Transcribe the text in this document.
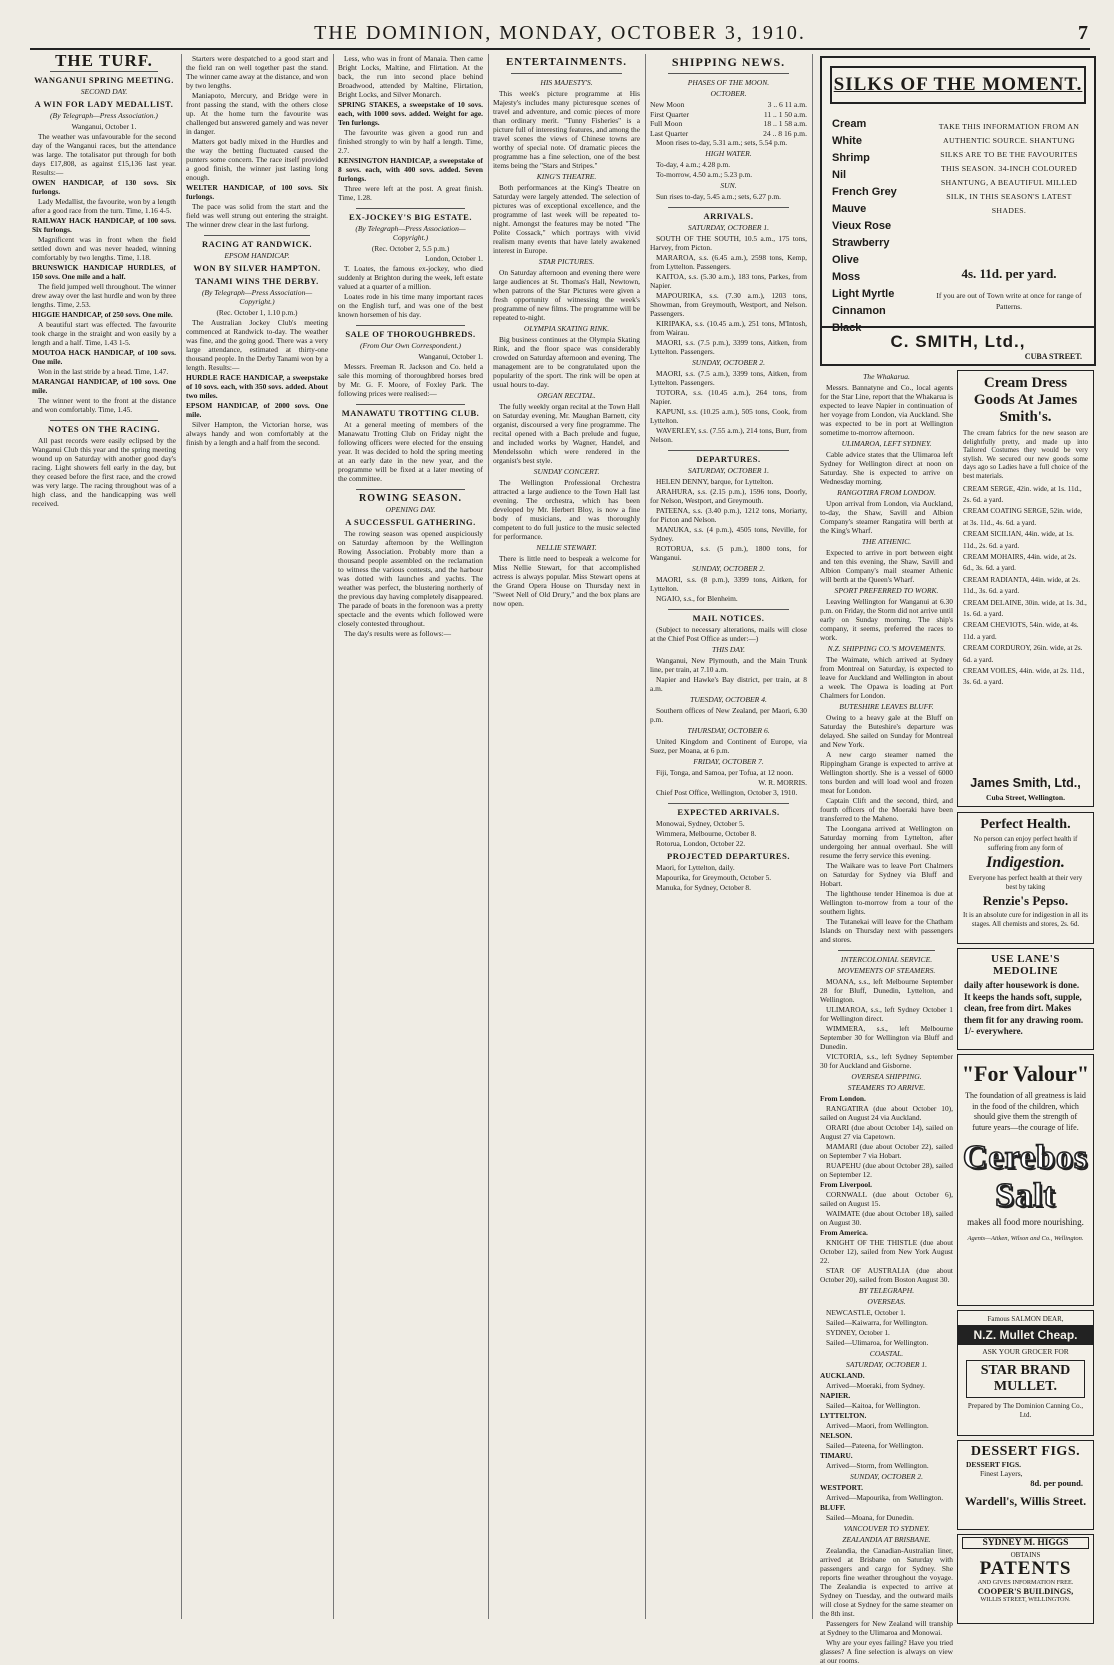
THE DOMINION, MONDAY, OCTOBER 3, 1910.	7
THE TURF.
WANGANUI SPRING MEETING.
SECOND DAY.
A WIN FOR LADY MEDALLIST.
(By Telegraph—Press Association.)

Wanganui, October 1.

The weather was unfavourable for the second day of the Wanganui races, but the attendance was large. The totalisator put through for both days £17,808, as against £15,136 last year. Results:—

OWEN HANDICAP, of 130 sovs. Six furlongs.

Lady Medallist, the favourite, won by a length after a good race from the turn. Time, 1.16 4-5.

RAILWAY HACK HANDICAP, of 100 sovs. Six furlongs.

Magnificent was in front when the field settled down and was never headed, winning comfortably by two lengths. Time, 1.18.

BRUNSWICK HANDICAP HURDLES, of 150 sovs. One mile and a half.

The field jumped well throughout. The winner drew away over the last hurdle and won by three lengths. Time, 2.53.

HIGGIE HANDICAP, of 250 sovs. One mile.

A beautiful start was effected. The favourite took charge in the straight and won easily by a length and a half. Time, 1.43 1-5.

MOUTOA HACK HANDICAP, of 100 sovs. One mile.

Won in the last stride by a head. Time, 1.47.

MARANGAI HANDICAP, of 100 sovs. One mile.

The winner went to the front at the distance and won comfortably. Time, 1.45.

NOTES ON THE RACING.

All past records were easily eclipsed by the Wanganui Club this year and the spring meeting wound up on Saturday with another good day's racing. Light showers fell early in the day, but they ceased before the first race, and the crowd was very large. The racing throughout was of a high class, and the handicapping was well received.

Starters were despatched to a good start and the field ran on well together past the stand. The winner came away at the distance, and won by two lengths.

Maniapoto, Mercury, and Bridge were in front passing the stand, with the others close up. At the home turn the favourite was challenged but answered gamely and was never in danger.

Matters got badly mixed in the Hurdles and the way the betting fluctuated caused the punters some concern. The race itself provided a good finish, the winner just lasting long enough.

WELTER HANDICAP, of 100 sovs. Six furlongs.

The pace was solid from the start and the field was well strung out entering the straight. The winner drew clear in the last furlong.

RACING AT RANDWICK.
EPSOM HANDICAP.
WON BY SILVER HAMPTON.
TANAMI WINS THE DERBY.
(By Telegraph—Press Association—Copyright.)

(Rec. October 1, 1.10 p.m.)

The Australian Jockey Club's meeting commenced at Randwick to-day. The weather was fine, and the going good. There was a very large attendance, estimated at thirty-one thousand people. In the Derby Tanami won by a length. Results:—

HURDLE RACE HANDICAP, a sweepstake of 10 sovs. each, with 350 sovs. added. About two miles.

EPSOM HANDICAP, of 2000 sovs. One mile.

Silver Hampton, the Victorian horse, was always handy and won comfortably at the finish by a length and a half from the second.

Less, who was in front of Manaia. Then came Bright Locks, Maltine, and Flirtation. At the back, the run into second place behind Broadwood, attended by Maltine, Flirtation, Bright Locks, and Silver Monarch.

SPRING STAKES, a sweepstake of 10 sovs. each, with 1000 sovs. added. Weight for age. Ten furlongs.

The favourite was given a good run and finished strongly to win by half a length. Time, 2.7.

KENSINGTON HANDICAP, a sweepstake of 8 sovs. each, with 400 sovs. added. Seven furlongs.

Three were left at the post. A great finish. Time, 1.28.

EX-JOCKEY'S BIG ESTATE.
(By Telegraph—Press Association—Copyright.)

(Rec. October 2, 5.5 p.m.)

London, October 1.

T. Loates, the famous ex-jockey, who died suddenly at Brighton during the week, left estate valued at a quarter of a million.

Loates rode in his time many important races on the English turf, and was one of the best known horsemen of his day.

SALE OF THOROUGHBREDS.
(From Our Own Correspondent.)

Wanganui, October 1.

Messrs. Freeman R. Jackson and Co. held a sale this morning of thoroughbred horses bred by Mr. G. F. Moore, of Foxley Park. The following prices were realised:—

MANAWATU TROTTING CLUB.

At a general meeting of members of the Manawatu Trotting Club on Friday night the following officers were elected for the ensuing year. It was decided to hold the spring meeting at an early date in the new year, and the programme will be fixed at a later meeting of the committee.

ROWING SEASON.
OPENING DAY.
A SUCCESSFUL GATHERING.

The rowing season was opened auspiciously on Saturday afternoon by the Wellington Rowing Association. Probably more than a thousand people assembled on the reclamation to witness the various contests, and the harbour was dotted with launches and yachts. The weather was perfect, the blustering northerly of the previous day having completely disappeared. The parade of boats in the forenoon was a pretty spectacle and the events which followed were closely contested throughout.

The day's results were as follows:—

ENTERTAINMENTS.
HIS MAJESTY'S.

This week's picture programme at His Majesty's includes many picturesque scenes of travel and adventure, and comic pieces of more than ordinary merit. "Tunny Fisheries" is a picture full of interesting features, and among the travel scenes the views of Chinese towns are worthy of special note. Of dramatic pieces the programme has a fine selection, one of the best items being the "Stars and Stripes."

KING'S THEATRE.

Both performances at the King's Theatre on Saturday were largely attended. The selection of pictures was of exceptional excellence, and the programme of last week will be repeated to-night. Amongst the features may be noted "The Polite Cossack," which portrays with vivid realism many events that have lately awakened interest in Europe.

STAR PICTURES.

On Saturday afternoon and evening there were large audiences at St. Thomas's Hall, Newtown, when patrons of the Star Pictures were given a fresh opportunity of witnessing the week's programme of new films. The programme will be repeated to-night.

OLYMPIA SKATING RINK.

Big business continues at the Olympia Skating Rink, and the floor space was considerably crowded on Saturday afternoon and evening. The management are to be congratulated upon the popularity of the sport. The rink will be open at usual hours to-day.

ORGAN RECITAL.

The fully weekly organ recital at the Town Hall on Saturday evening, Mr. Maughan Barnett, city organist, discoursed a very fine programme. The recital opened with a Bach prelude and fugue, and included works by Wagner, Handel, and Mendelssohn which were rendered in the organist's best style.

SUNDAY CONCERT.

The Wellington Professional Orchestra attracted a large audience to the Town Hall last evening. The orchestra, which has been developed by Mr. Herbert Bloy, is now a fine body of musicians, and was thoroughly competent to do full justice to the music selected for performance.

NELLIE STEWART.

There is little need to bespeak a welcome for Miss Nellie Stewart, for that accomplished actress is always popular. Miss Stewart opens at the Grand Opera House on Thursday next in "Sweet Nell of Old Drury," and the box plans are now open.

SHIPPING NEWS.
PHASES OF THE MOON.
OCTOBER.
New Moon	3 .. 6 11 a.m.
First Quarter	11 .. 1 50 a.m.
Full Moon	18 .. 1 58 a.m.
Last Quarter	24 .. 8 16 p.m.

Moon rises to-day, 5.31 a.m.; sets, 5.54 p.m.

HIGH WATER.

To-day, 4 a.m.; 4.28 p.m.

To-morrow, 4.50 a.m.; 5.23 p.m.

SUN.

Sun rises to-day, 5.45 a.m.; sets, 6.27 p.m.

ARRIVALS.
SATURDAY, OCTOBER 1.

SOUTH OF THE SOUTH, 10.5 a.m., 175 tons, Harvey, from Picton.

MARAROA, s.s. (6.45 a.m.), 2598 tons, Kemp, from Lyttelton. Passengers.

KAITOA, s.s. (5.30 a.m.), 183 tons, Parkes, from Napier.

MAPOURIKA, s.s. (7.30 a.m.), 1203 tons, Showman, from Greymouth, Westport, and Nelson. Passengers.

KIRIPAKA, s.s. (10.45 a.m.), 251 tons, M'Intosh, from Wairau.

MAORI, s.s. (7.5 p.m.), 3399 tons, Aitken, from Lyttelton. Passengers.

SUNDAY, OCTOBER 2.

MAORI, s.s. (7.5 a.m.), 3399 tons, Aitken, from Lyttelton. Passengers.

TOTORA, s.s. (10.45 a.m.), 264 tons, from Napier.

KAPUNI, s.s. (10.25 a.m.), 505 tons, Cook, from Lyttelton.

WAVERLEY, s.s. (7.55 a.m.), 214 tons, Burr, from Nelson.

DEPARTURES.
SATURDAY, OCTOBER 1.

HELEN DENNY, barque, for Lyttelton.

ARAHURA, s.s. (2.15 p.m.), 1596 tons, Doorly, for Nelson, Westport, and Greymouth.

PATEENA, s.s. (3.40 p.m.), 1212 tons, Moriarty, for Picton and Nelson.

MANUKA, s.s. (4 p.m.), 4505 tons, Neville, for Sydney.

ROTORUA, s.s. (5 p.m.), 1800 tons, for Wanganui.

SUNDAY, OCTOBER 2.

MAORI, s.s. (8 p.m.), 3399 tons, Aitken, for Lyttelton.

NGAIO, s.s., for Blenheim.

MAIL NOTICES.

(Subject to necessary alterations, mails will close at the Chief Post Office as under:—)

THIS DAY.

Wanganui, New Plymouth, and the Main Trunk line, per train, at 7.10 a.m.

Napier and Hawke's Bay district, per train, at 8 a.m.

TUESDAY, OCTOBER 4.

Southern offices of New Zealand, per Maori, 6.30 p.m.

THURSDAY, OCTOBER 6.

United Kingdom and Continent of Europe, via Suez, per Moana, at 6 p.m.

FRIDAY, OCTOBER 7.

Fiji, Tonga, and Samoa, per Tofua, at 12 noon.

W. R. MORRIS.

Chief Post Office, Wellington, October 3, 1910.

EXPECTED ARRIVALS.

Monowai, Sydney, October 5.

Wimmera, Melbourne, October 8.

Rotorua, London, October 22.

PROJECTED DEPARTURES.

Maori, for Lyttelton, daily.

Mapourika, for Greymouth, October 5.

Manuka, for Sydney, October 8.

SILKS OF THE MOMENT.
Cream
White
Shrimp
Nil
French Grey
Mauve
Vieux Rose
Strawberry
Olive
Moss
Light Myrtle
Cinnamon
Black
TAKE THIS INFORMATION FROM AN AUTHENTIC SOURCE. SHANTUNG SILKS ARE TO BE THE FAVOURITES THIS SEASON. 34-INCH COLOURED SHANTUNG, A BEAUTIFUL MILLED SILK, IN THIS SEASON'S LATEST SHADES.
4s. 11d. per yard.
If you are out of Town write at once for range of Patterns.
C. SMITH, Ltd.,
CUBA STREET.
The Whakarua.

Messrs. Bannatyne and Co., local agents for the Star Line, report that the Whakarua is expected to leave Napier in continuation of her voyage from London, via Auckland. She was expected to be in port at Wellington sometime to-morrow afternoon.

ULIMAROA, LEFT SYDNEY.

Cable advice states that the Ulimaroa left Sydney for Wellington direct at noon on Saturday. She is expected to arrive on Wednesday morning.

RANGOTIRA FROM LONDON.

Upon arrival from London, via Auckland, to-day, the Shaw, Savill and Albion Company's steamer Rangatira will berth at the King's Wharf.

THE ATHENIC.

Expected to arrive in port between eight and ten this evening, the Shaw, Savill and Albion Company's mail steamer Athenic will berth at the Queen's Wharf.

SPORT PREFERRED TO WORK.

Leaving Wellington for Wanganui at 6.30 p.m. on Friday, the Storm did not arrive until early on Sunday morning. The ship's company, it seems, preferred the races to work.

N.Z. SHIPPING CO.'S MOVEMENTS.

The Waimate, which arrived at Sydney from Montreal on Saturday, is expected to leave for Auckland and Wellington in about a week. The Opawa is loading at Port Chalmers for London.

BUTESHIRE LEAVES BLUFF.

Owing to a heavy gale at the Bluff on Saturday the Buteshire's departure was delayed. She sailed on Sunday for Montreal and New York.

A new cargo steamer named the Rippingham Grange is expected to arrive at Wellington shortly. She is a vessel of 6000 tons burden and will load wool and frozen meat for London.

Captain Clift and the second, third, and fourth officers of the Moeraki have been transferred to the Maheno.

The Loongana arrived at Wellington on Saturday morning from Lyttelton, after undergoing her annual overhaul. She will resume the ferry service this evening.

The Waikare was to leave Port Chalmers on Saturday for Sydney via Bluff and Hobart.

The lighthouse tender Hinemoa is due at Wellington to-morrow from a tour of the southern lights.

The Tutanekai will leave for the Chatham Islands on Thursday next with passengers and stores.

INTERCOLONIAL SERVICE.
MOVEMENTS OF STEAMERS.

MOANA, s.s., left Melbourne September 28 for Bluff, Dunedin, Lyttelton, and Wellington.

ULIMAROA, s.s., left Sydney October 1 for Wellington direct.

WIMMERA, s.s., left Melbourne September 30 for Wellington via Bluff and Dunedin.

VICTORIA, s.s., left Sydney September 30 for Auckland and Gisborne.

OVERSEA SHIPPING.
STEAMERS TO ARRIVE.

From London.

RANGATIRA (due about October 10), sailed on August 24 via Auckland.

ORARI (due about October 14), sailed on August 27 via Capetown.

MAMARI (due about October 22), sailed on September 7 via Hobart.

RUAPEHU (due about October 28), sailed on September 12.

From Liverpool.

CORNWALL (due about October 6), sailed on August 15.

WAIMATE (due about October 18), sailed on August 30.

From America.

KNIGHT OF THE THISTLE (due about October 12), sailed from New York August 22.

STAR OF AUSTRALIA (due about October 20), sailed from Boston August 30.

BY TELEGRAPH.
OVERSEAS.

NEWCASTLE, October 1.

Sailed—Kaiwarra, for Wellington.

SYDNEY, October 1.

Sailed—Ulimaroa, for Wellington.

COASTAL.
SATURDAY, OCTOBER 1.

AUCKLAND.

Arrived—Moeraki, from Sydney.

NAPIER.

Sailed—Kaitoa, for Wellington.

LYTTELTON.

Arrived—Maori, from Wellington.

NELSON.

Sailed—Pateena, for Wellington.

TIMARU.

Arrived—Storm, from Wellington.

SUNDAY, OCTOBER 2.

WESTPORT.

Arrived—Mapourika, from Wellington.

BLUFF.

Sailed—Moana, for Dunedin.

VANCOUVER TO SYDNEY.
ZEALANDIA AT BRISBANE.

Zealandia, the Canadian-Australian liner, arrived at Brisbane on Saturday with passengers and cargo for Sydney. She reports fine weather throughout the voyage. The Zealandia is expected to arrive at Sydney on Tuesday, and the outward mails will close at Sydney for the same steamer on the 8th inst.

Passengers for New Zealand will tranship at Sydney to the Ulimaroa and Monowai.

Why are your eyes failing? Have you tried glasses? A fine selection is always on view at our rooms.

Cream Dress Goods At James Smith's.
The cream fabrics for the new season are delightfully pretty, and made up into Tailored Costumes they would be very stylish. We secured our new goods some days ago so Ladies have a full choice of the best materials.
CREAM SERGE, 42in. wide, at 1s. 11d., 2s. 6d. a yard.
CREAM COATING SERGE, 52in. wide, at 3s. 11d., 4s. 6d. a yard.
CREAM SICILIAN, 44in. wide, at 1s. 11d., 2s. 6d. a yard.
CREAM MOHAIRS, 44in. wide, at 2s. 6d., 3s. 6d. a yard.
CREAM RADIANTA, 44in. wide, at 2s. 11d., 3s. 6d. a yard.
CREAM DELAINE, 30in. wide, at 1s. 3d., 1s. 6d. a yard.
CREAM CHEVIOTS, 54in. wide, at 4s. 11d. a yard.
CREAM CORDUROY, 26in. wide, at 2s. 6d. a yard.
CREAM VOILES, 44in. wide, at 2s. 11d., 3s. 6d. a yard.
James Smith, Ltd.,
Cuba Street, Wellington.
Perfect Health.
No person can enjoy perfect health if suffering from any form of
Indigestion.
Everyone has perfect health at their very best by taking
Renzie's Pepso.
It is an absolute cure for indigestion in all its stages. All chemists and stores, 2s. 6d.
USE LANE'S MEDOLINE
daily after housework is done. It keeps the hands soft, supple, clean, free from dirt. Makes them fit for any drawing room. 1/- everywhere.
"For Valour"
The foundation of all greatness is laid in the food of the children, which should give them the strength of future years—the courage of life.
Cerebos Salt
makes all food more nourishing.
Agents—Aitken, Wilson and Co., Wellington.
Famous SALMON DEAR,
N.Z. Mullet Cheap.
ASK YOUR GROCER FOR
STAR BRAND MULLET.
Prepared by The Dominion Canning Co., Ltd.
DESSERT FIGS.
DESSERT FIGS.
Finest Layers,
8d. per pound.
Wardell's, Willis Street.
SYDNEY M. HIGGS
OBTAINS
PATENTS
AND GIVES INFORMATION FREE.
COOPER'S BUILDINGS,
WILLIS STREET, WELLINGTON.
